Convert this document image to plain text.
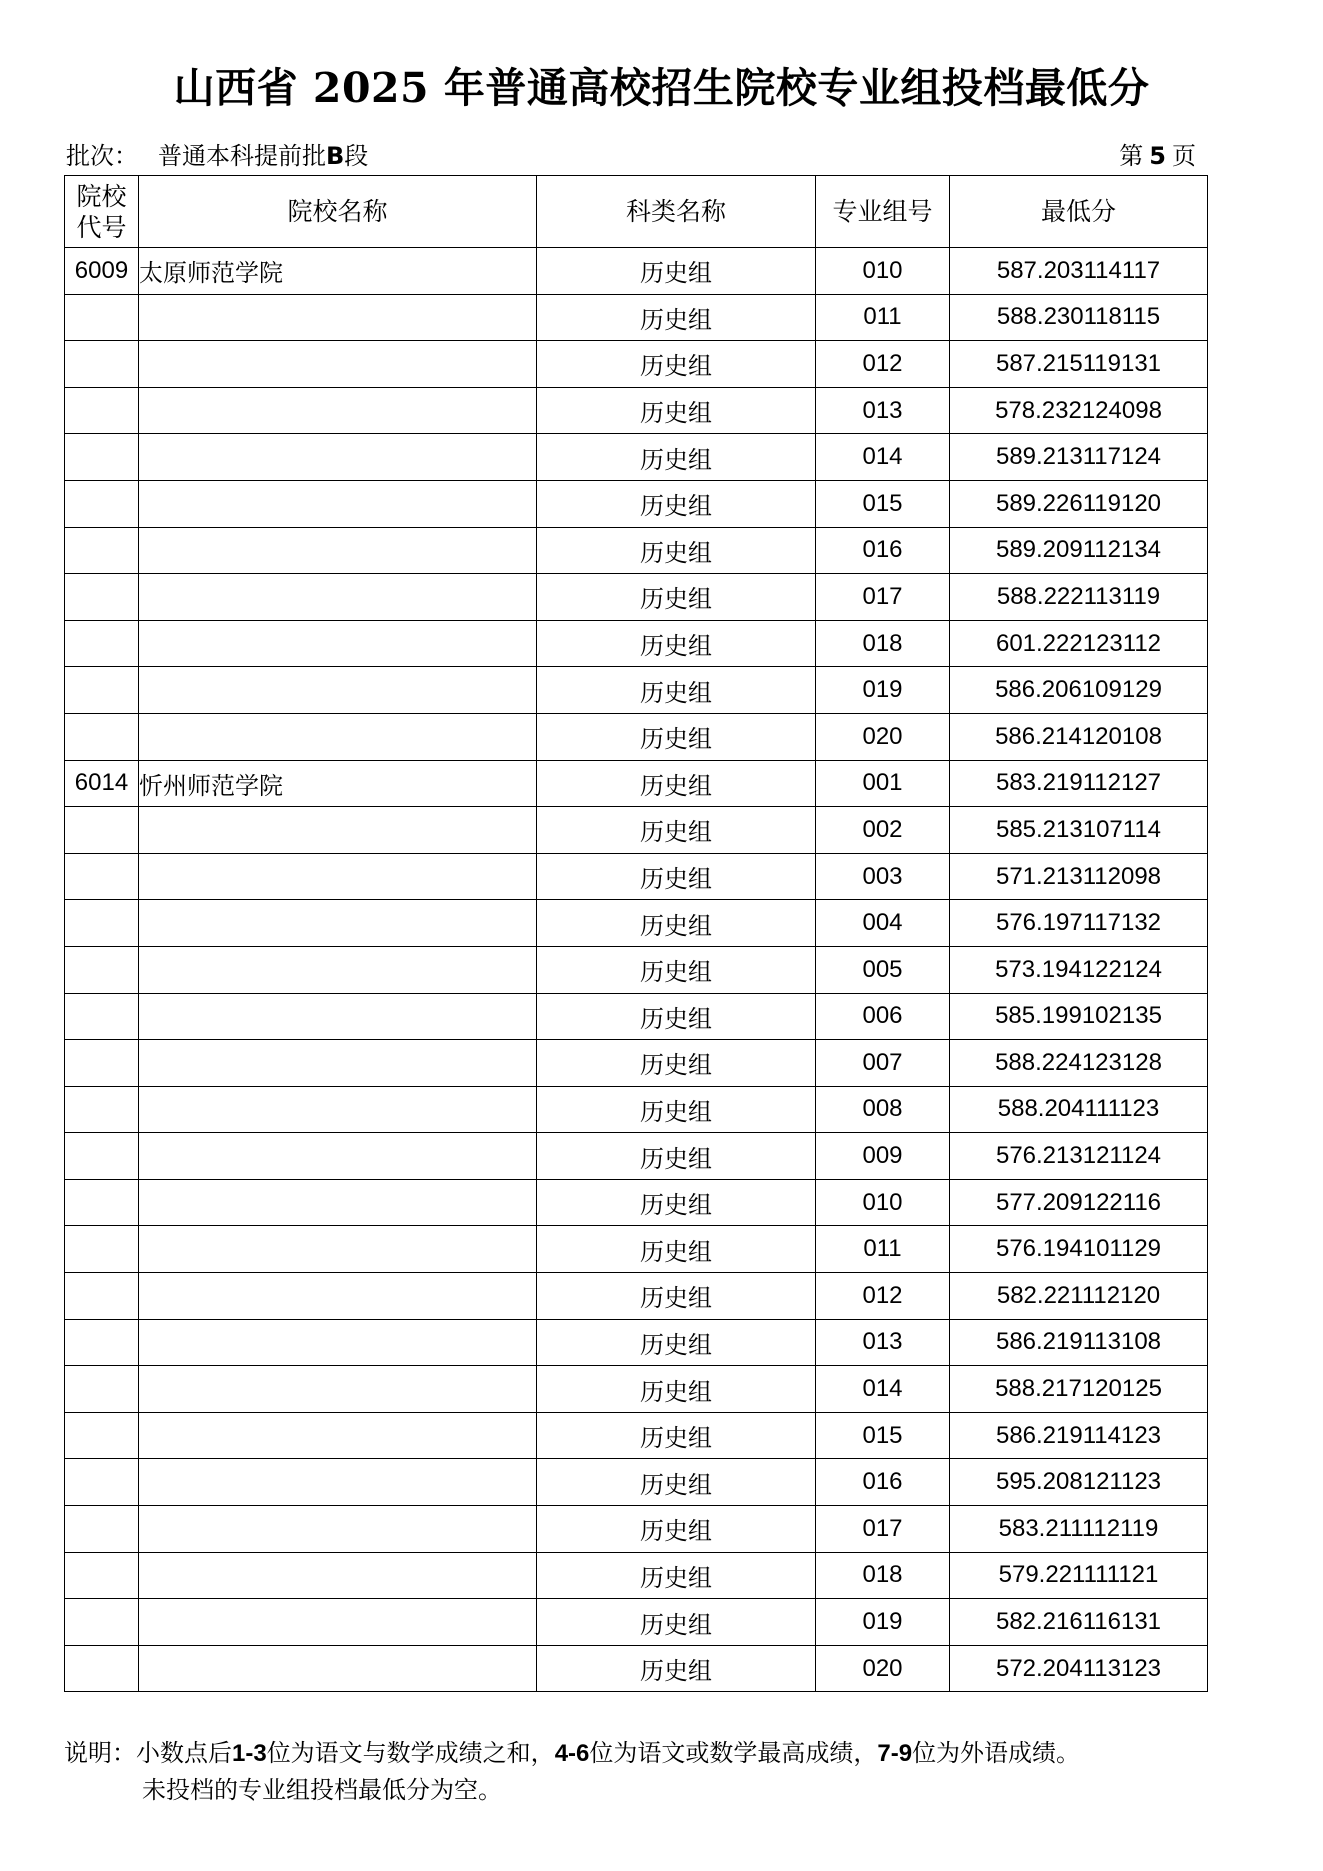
山西省 2025 年普通高校招生院校专业组投档最低分
批次： 普通本科提前批B段	第 5 页
院校
代号	院校名称	科类名称	专业组号	最低分
6009	太原师范学院	历史组	010	587.203114117
		历史组	011	588.230118115
		历史组	012	587.215119131
		历史组	013	578.232124098
		历史组	014	589.213117124
		历史组	015	589.226119120
		历史组	016	589.209112134
		历史组	017	588.222113119
		历史组	018	601.222123112
		历史组	019	586.206109129
		历史组	020	586.214120108
6014	忻州师范学院	历史组	001	583.219112127
		历史组	002	585.213107114
		历史组	003	571.213112098
		历史组	004	576.197117132
		历史组	005	573.194122124
		历史组	006	585.199102135
		历史组	007	588.224123128
		历史组	008	588.204111123
		历史组	009	576.213121124
		历史组	010	577.209122116
		历史组	011	576.194101129
		历史组	012	582.221112120
		历史组	013	586.219113108
		历史组	014	588.217120125
		历史组	015	586.219114123
		历史组	016	595.208121123
		历史组	017	583.211112119
		历史组	018	579.221111121
		历史组	019	582.216116131
		历史组	020	572.204113123
说明：小数点后1-3位为语文与数学成绩之和，4-6位为语文或数学最高成绩，7-9位为外语成绩。
未投档的专业组投档最低分为空。
